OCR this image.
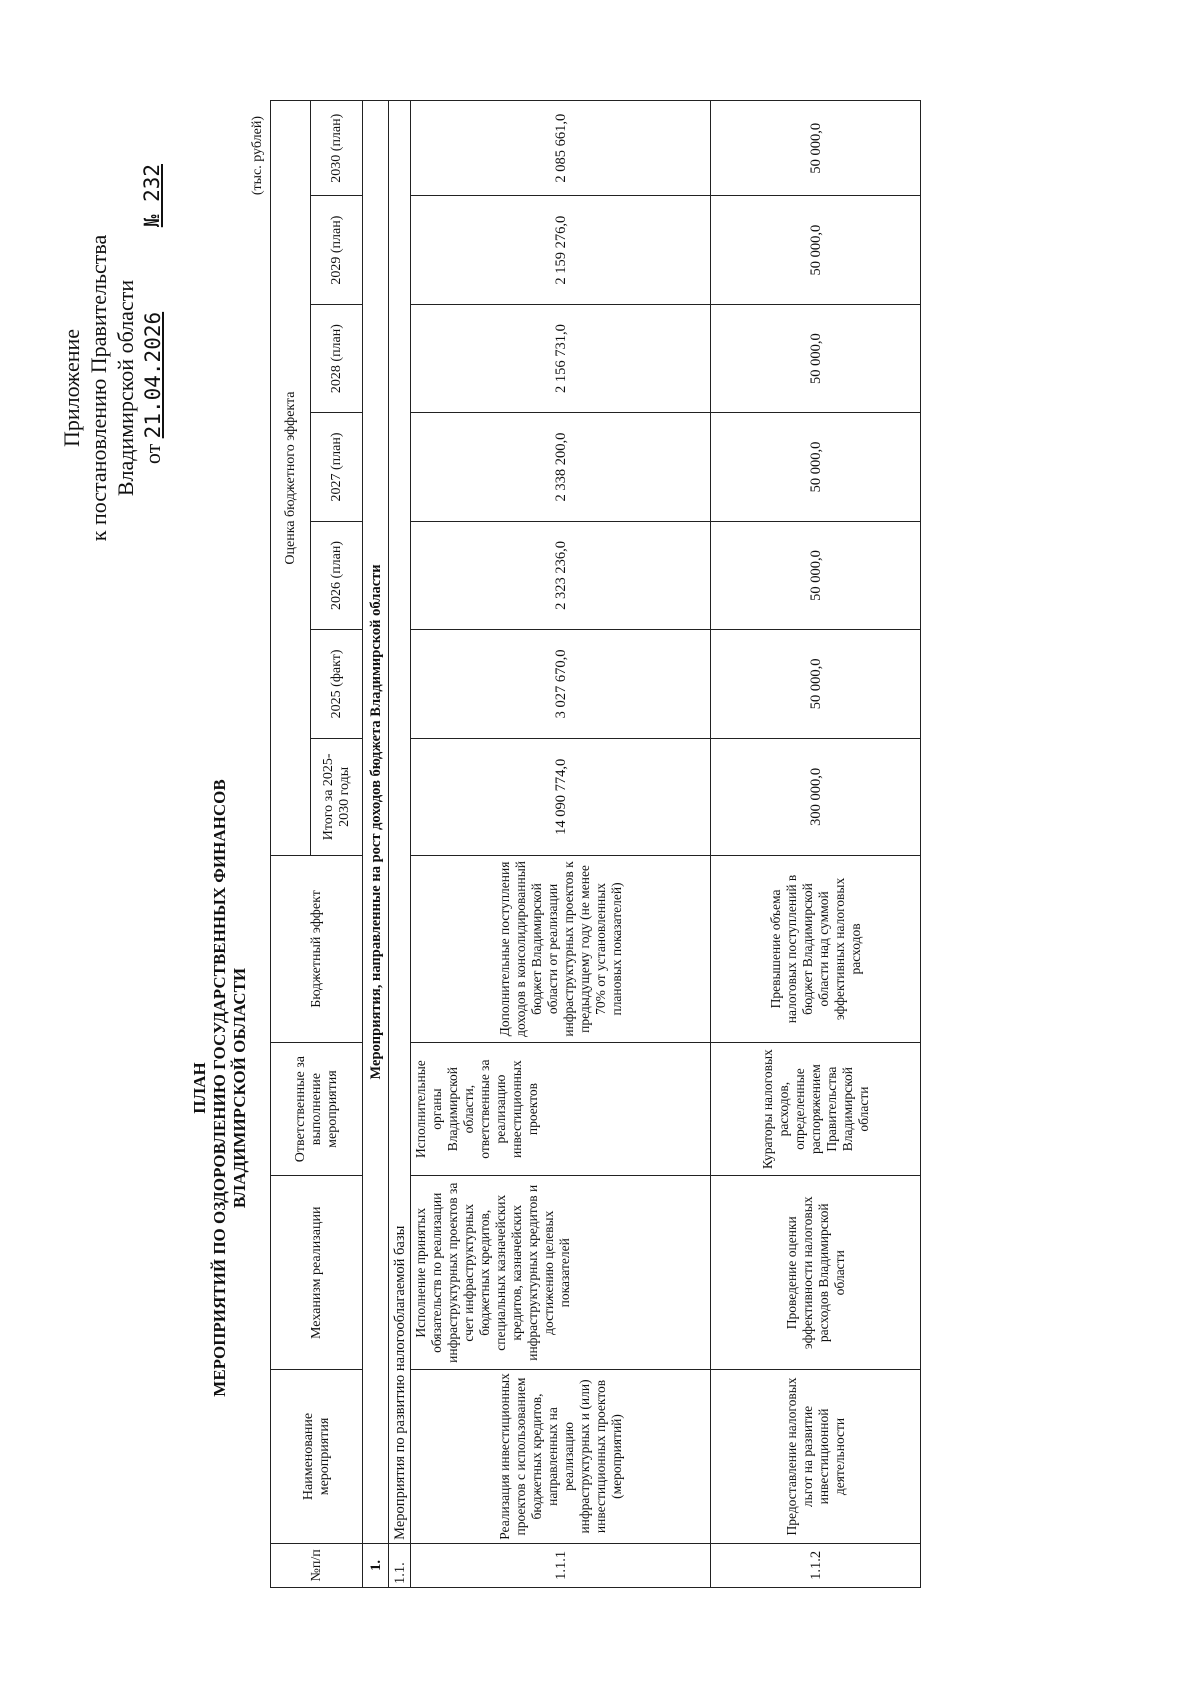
Приложение к постановлению Правительства Владимирской области от 21.04.2026
№ 232
ПЛАН МЕРОПРИЯТИЙ ПО ОЗДОРОВЛЕНИЮ ГОСУДАРСТВЕННЫХ ФИНАНСОВ ВЛАДИМИРСКОЙ ОБЛАСТИ
(тыс. рублей)
№п/п	Наименование мероприятия	Механизм реализации	Ответственные за выполнение мероприятия	Бюджетный эффект	Оценка бюджетного эффекта						
					Итого за 2025-2030 годы	2025 (факт)	2026 (план)	2027 (план)	2028 (план)	2029 (план)	2030 (план)
1.	Мероприятия, направленные на рост доходов бюджета Владимирской области										
1.1.	Мероприятия по развитию налогооблагаемой базы										
1.1.1	Реализация инвестиционных проектов с использованием бюджетных кредитов, направленных на реализацию инфраструктурных и (или) инвестиционных проектов (мероприятий)	Исполнение принятых обязательств по реализации инфраструктурных проектов за счет инфраструктурных бюджетных кредитов, специальных казначейских кредитов, казначейских инфраструктурных кредитов и достижению целевых показателей	Исполнительные органы Владимирской области, ответственные за реализацию инвестиционных проектов	Дополнительные поступления доходов в консолидированный бюджет Владимирской области от реализации инфраструктурных проектов к предыдущему году (не менее 70% от установленных плановых показателей)	14 090 774,0	3 027 670,0	2 323 236,0	2 338 200,0	2 156 731,0	2 159 276,0	2 085 661,0
1.1.2	Предоставление налоговых льгот на развитие инвестиционной деятельности	Проведение оценки эффективности налоговых расходов Владимирской области	Кураторы налоговых расходов, определенные распоряжением Правительства Владимирской области	Превышение объема налоговых поступлений в бюджет Владимирской области над суммой эффективных налоговых расходов	300 000,0	50 000,0	50 000,0	50 000,0	50 000,0	50 000,0	50 000,0
